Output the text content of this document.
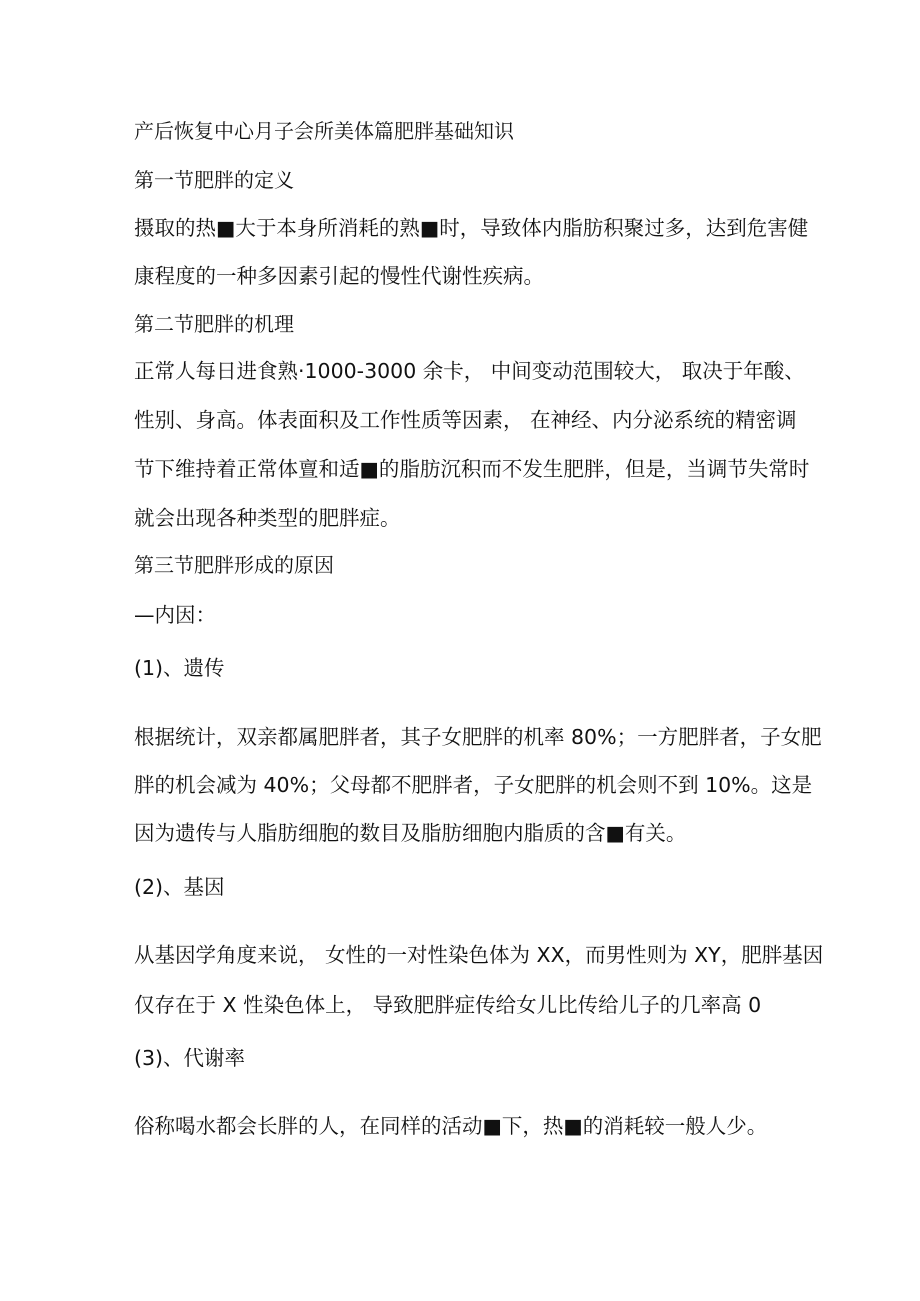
产后恢复中心月子会所美体篇肥胖基础知识
第一节肥胖的定义
摄取的热■大于本身所消耗的熟■时，导致体内脂肪积聚过多，达到危害健
康程度的一种多因素引起的慢性代谢性疾病。
第二节肥胖的机理
正常人每日进食熟·1000-3000 余卡， 中间变动范围较大， 取决于年酸、
性别、身高。体表面积及工作性质等因素， 在神经、内分泌系统的精密调
节下维持着正常体亶和适■的脂肪沉积而不发生肥胖，但是，当调节失常时
就会出现各种类型的肥胖症。
第三节肥胖形成的原因
—内因：
(1)、遗传
根据统计，双亲都属肥胖者，其子女肥胖的机率 80%；一方肥胖者，子女肥
胖的机会减为 40%；父母都不肥胖者，子女肥胖的机会则不到 10%。这是
因为遗传与人脂肪细胞的数目及脂肪细胞内脂质的含■有关。
(2)、基因
从基因学角度来说， 女性的一对性染色体为 XX，而男性则为 XY，肥胖基因
仅存在于 X 性染色体上， 导致肥胖症传给女儿比传给儿子的几率高 0
(3)、代谢率
俗称喝水都会长胖的人，在同样的活动■下，热■的消耗较一般人少。
